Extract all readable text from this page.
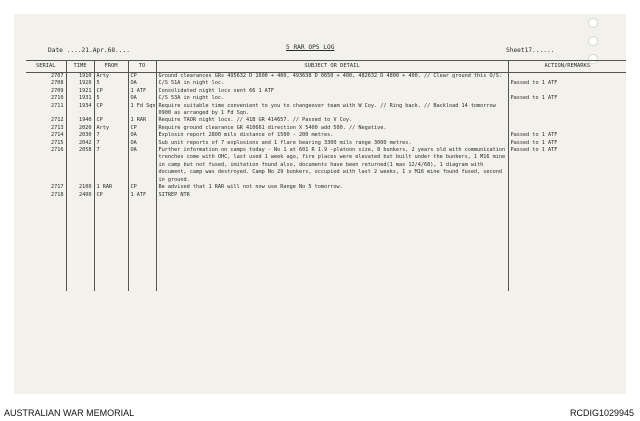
Date ....21.Apr.68....	5 RAR OPS LOG	Sheet17......
SERIAL	TIME	FROM	TO	SUBJECT OR DETAIL	ACTION/REMARKS
2707	1910	Arty	CP	Ground clearances GRs 495632 D 1600 + 400, 493638 D 0650 + 400, 482632 D 4800 + 400. // Clear ground this O/S.	
2708	1920	5	OA	C/S 51A in night loc.	Passed to 1 ATF
2709	1921	CP	1 ATF	Consolidated night locs sent 66 1 ATF	
2710	1931	5	OA	C/S 53A in night loc.	Passed to 1 ATF
2711	1934	CP	1 Fd Sqn	Require suitable time convenient to you to changeover team with W Coy. // Ring back. // Backload 14 tomorrow 0900 as arranged by 1 Fd Sqn.	
2712	1940	CP	1 RAR	Require TAOR night locs. // 41B GR 414657. // Passed to V Coy.	
2713	2020	Arty	CP	Require ground clearance GR 410661 direction X 5400 add 500. // Negative.	
2714	2030	7	OA	Explosin report 2800 mils distance of 1500 - 200 metres.	Passed to 1 ATF
2715	2042	7	OA	Sub unit reports of 7 explosions and 1 flare bearing 3300 mils range 3000 metres.	Passed to 1 ATF
2716	2058	7	OA	Further information on camps today - No 1 at 601 R 1.9 -platoon size, 8 bunkers, 2 years old with communication trenches come with OHC, last used 1 week ago, fire places were elevated but built under the bunkers, 1 M16 mine in camp but not fused, imitation found also, documents have been returned(1 mas 12/4/68), 1 diagram with document, camp was destroyed. Camp No 29 bunkers, occupied with last 2 weeks, 1 x M16 mine found fused, second in ground.	Passed to 1 ATF
2717	2100	1 RAR	CP	Be advised that 1 RAR will not now use Range No 5 tomorrow.	
2718	2400	CP	1 ATF	SITREP NTR	

AUSTRALIAN WAR MEMORIAL	RCDIG1029945
